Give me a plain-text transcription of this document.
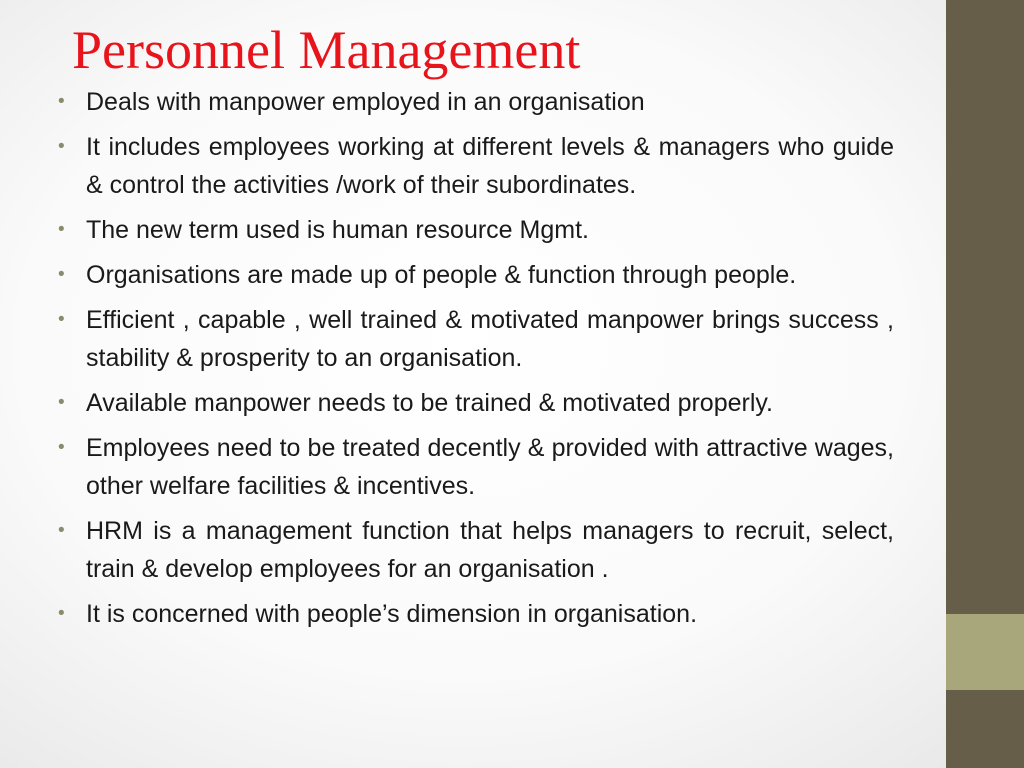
Personnel Management
• Deals with manpower employed in an organisation
• It includes employees working at different levels & managers who guide & control the activities /work of their subordinates.
• The new term used is human resource Mgmt.
• Organisations are made up of people & function through people.
• Efficient , capable , well trained & motivated manpower brings success , stability & prosperity to an organisation.
• Available manpower needs to be trained & motivated properly.
• Employees need to be treated decently & provided with attractive wages, other welfare facilities & incentives.
• HRM is a management function that helps managers to recruit, select, train & develop employees for an organisation .
• It is concerned with people’s dimension in organisation.
